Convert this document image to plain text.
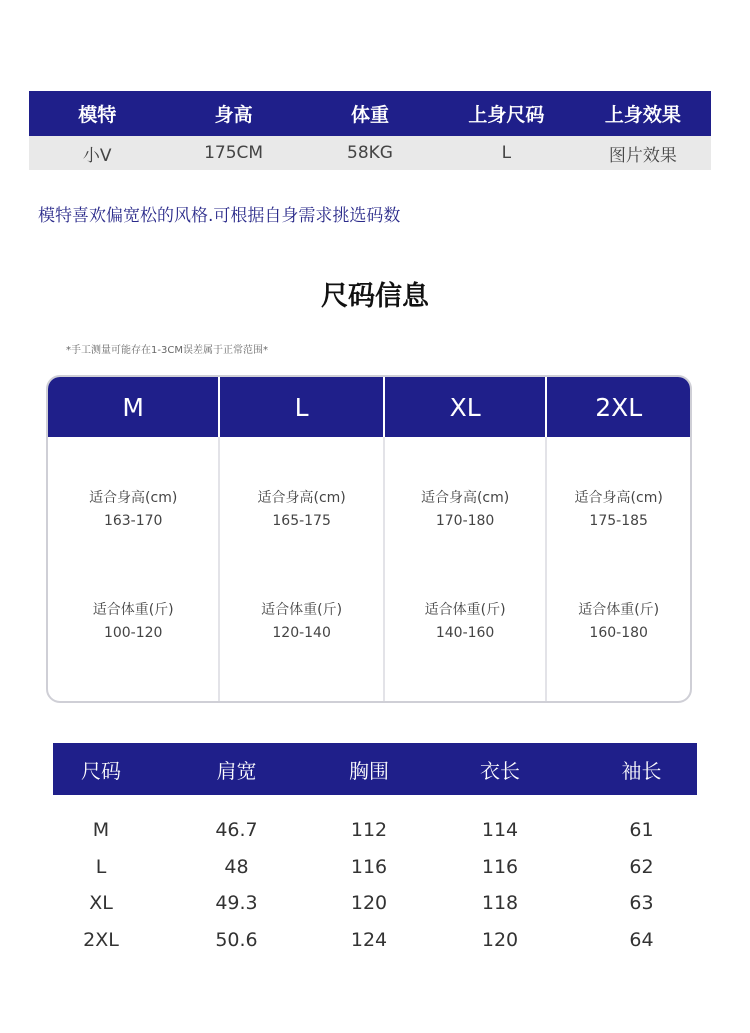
模特	身高	体重	上身尺码	上身效果
小V	175CM	58KG	L	图片效果
模特喜欢偏宽松的风格.可根据自身需求挑选码数
尺码信息
*手工测量可能存在1-3CM误差属于正常范围*
M	L	XL	2XL
适合身高(cm)
163-170
适合体重(斤)
100-120
适合身高(cm)
165-175
适合体重(斤)
120-140
适合身高(cm)
170-180
适合体重(斤)
140-160
适合身高(cm)
175-185
适合体重(斤)
160-180
尺码	肩宽	胸围	衣长	袖长
M	46.7	112	114	61
L	48	116	116	62
XL	49.3	120	118	63
2XL	50.6	124	120	64
